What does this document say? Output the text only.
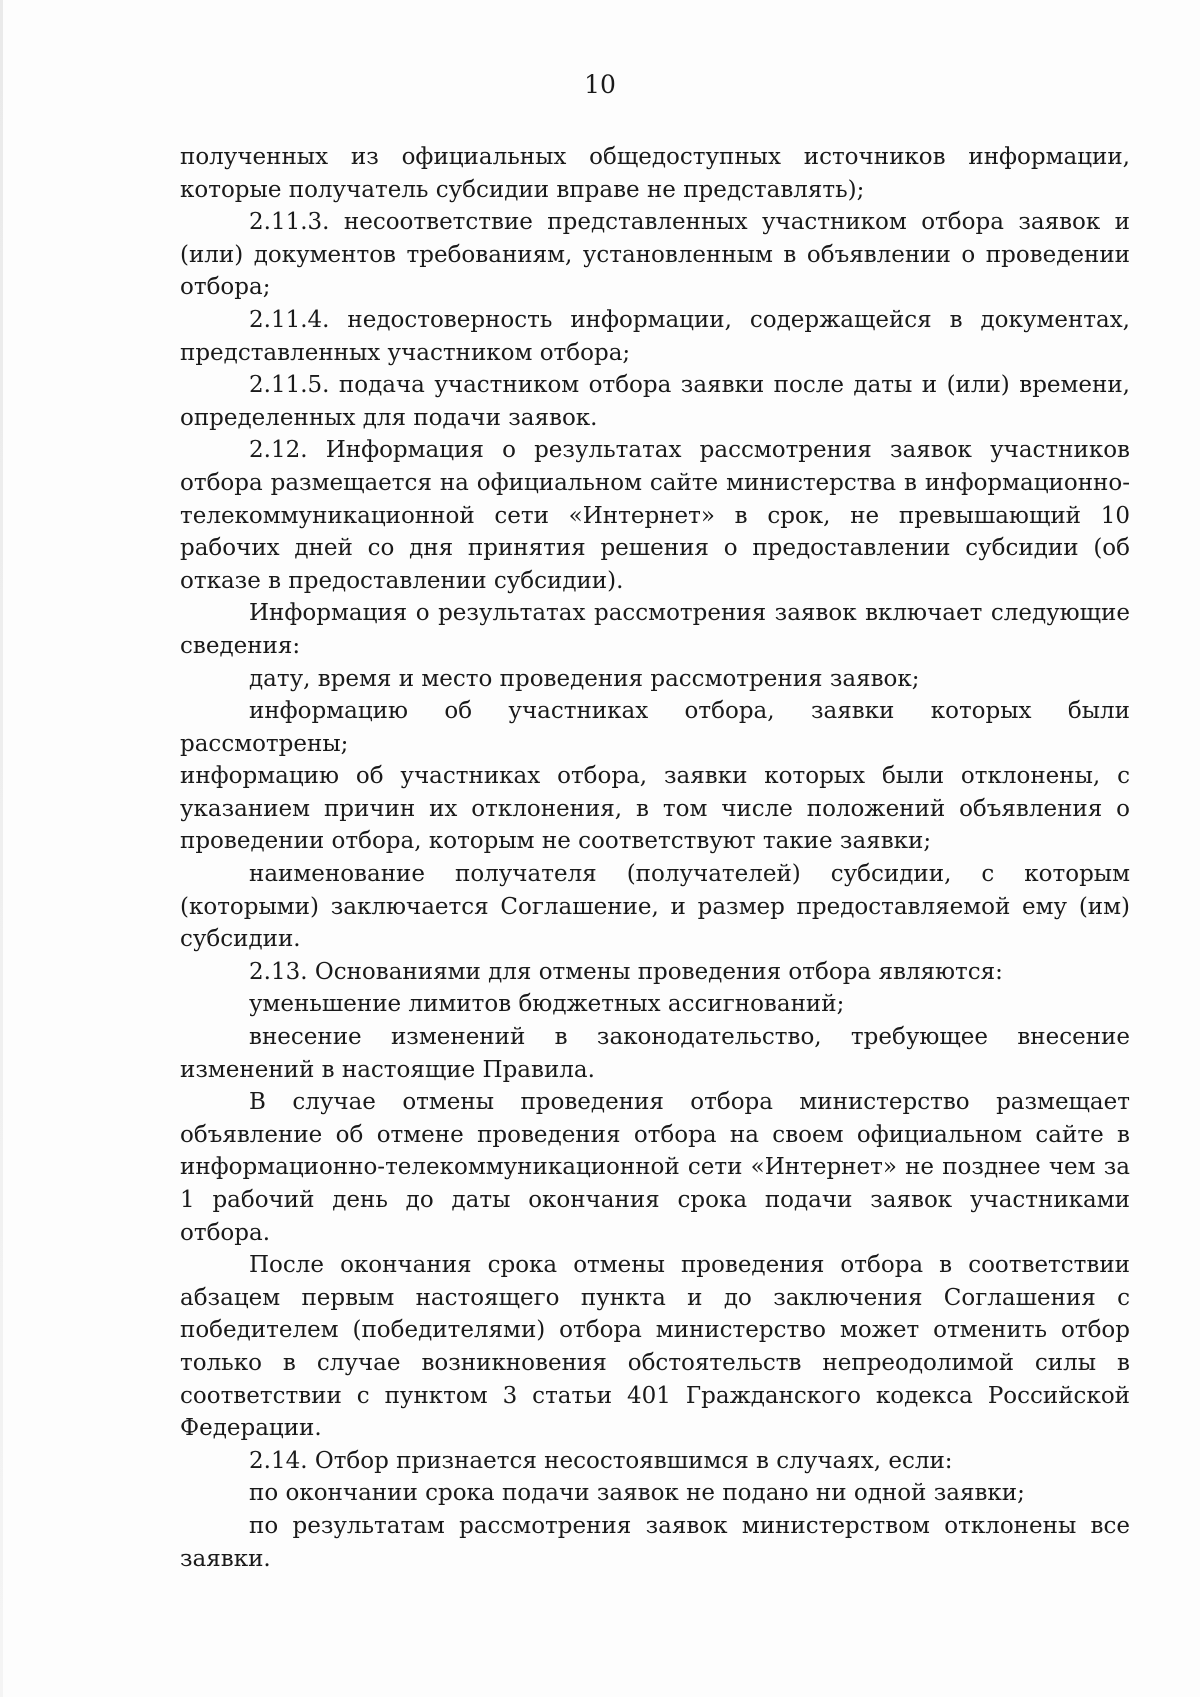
10

полученных из официальных общедоступных источников информации, которые получатель субсидии вправе не представлять);

2.11.3. несоответствие представленных участником отбора заявок и (или) документов требованиям, установленным в объявлении о проведении отбора;

2.11.4. недостоверность информации, содержащейся в документах, представленных участником отбора;

2.11.5. подача участником отбора заявки после даты и (или) времени, определенных для подачи заявок.

2.12. Информация о результатах рассмотрения заявок участников отбора размещается на официальном сайте министерства в информационно-телекоммуникационной сети «Интернет» в срок, не превышающий 10 рабочих дней со дня принятия решения о предоставлении субсидии (об отказе в предоставлении субсидии).

Информация о результатах рассмотрения заявок включает следующие сведения:

дату, время и место проведения рассмотрения заявок;

информацию об участниках отбора, заявки которых были рассмотрены;

информацию об участниках отбора, заявки которых были отклонены, с указанием причин их отклонения, в том числе положений объявления о проведении отбора, которым не соответствуют такие заявки;

наименование получателя (получателей) субсидии, с которым (которыми) заключается Соглашение, и размер предоставляемой ему (им) субсидии.

2.13. Основаниями для отмены проведения отбора являются:

уменьшение лимитов бюджетных ассигнований;

внесение изменений в законодательство, требующее внесение изменений в настоящие Правила.

В случае отмены проведения отбора министерство размещает объявление об отмене проведения отбора на своем официальном сайте в информационно-телекоммуникационной сети «Интернет» не позднее чем за 1 рабочий день до даты окончания срока подачи заявок участниками отбора.

После окончания срока отмены проведения отбора в соответствии абзацем первым настоящего пункта и до заключения Соглашения с победителем (победителями) отбора министерство может отменить отбор только в случае возникновения обстоятельств непреодолимой силы в соответствии с пунктом 3 статьи 401 Гражданского кодекса Российской Федерации.

2.14. Отбор признается несостоявшимся в случаях, если:

по окончании срока подачи заявок не подано ни одной заявки;

по результатам рассмотрения заявок министерством отклонены все заявки.
